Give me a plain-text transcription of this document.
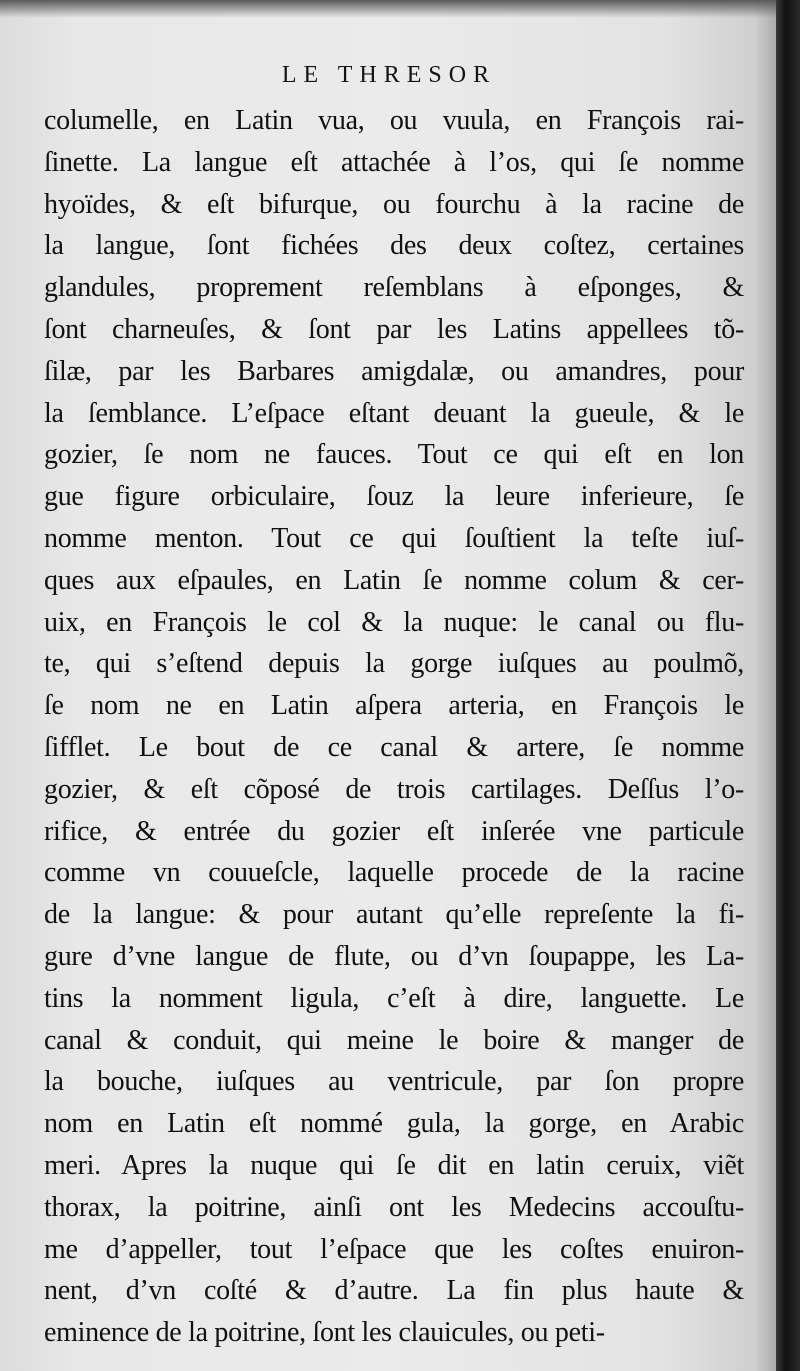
LE THRESOR
columelle, en Latin vua, ou vuula, en François rai-
ſinette. La langue eſt attachée à l’os, qui ſe nomme
hyoïdes, & eſt bifurque, ou fourchu à la racine de
la langue, ſont fichées des deux coſtez, certaines
glandules, proprement reſemblans à eſponges, &
ſont charneuſes, & ſont par les Latins appellees tõ-
ſilæ, par les Barbares amigdalæ, ou amandres, pour
la ſemblance. L’eſpace eſtant deuant la gueule, & le
gozier, ſe nom ne fauces. Tout ce qui eſt en lon
gue figure orbiculaire, ſouz la leure inferieure, ſe
nomme menton. Tout ce qui ſouſtient la teſte iuſ-
ques aux eſpaules, en Latin ſe nomme colum & cer-
uix, en François le col & la nuque: le canal ou flu-
te, qui s’eſtend depuis la gorge iuſques au poulmõ,
ſe nom ne en Latin aſpera arteria, en François le
ſifflet. Le bout de ce canal & artere, ſe nomme
gozier, & eſt cõposé de trois cartilages. Deſſus l’o-
rifice, & entrée du gozier eſt inſerée vne particule
comme vn couueſcle, laquelle procede de la racine
de la langue: & pour autant qu’elle repreſente la fi-
gure d’vne langue de flute, ou d’vn ſoupappe, les La-
tins la nomment ligula, c’eſt à dire, languette. Le
canal & conduit, qui meine le boire & manger de
la bouche, iuſques au ventricule, par ſon propre
nom en Latin eſt nommé gula, la gorge, en Arabic
meri. Apres la nuque qui ſe dit en latin ceruix, viẽt
thorax, la poitrine, ainſi ont les Medecins accouſtu-
me d’appeller, tout l’eſpace que les coſtes enuiron-
nent, d’vn coſté & d’autre. La fin plus haute &
eminence de la poitrine, ſont les clauicules, ou peti-
